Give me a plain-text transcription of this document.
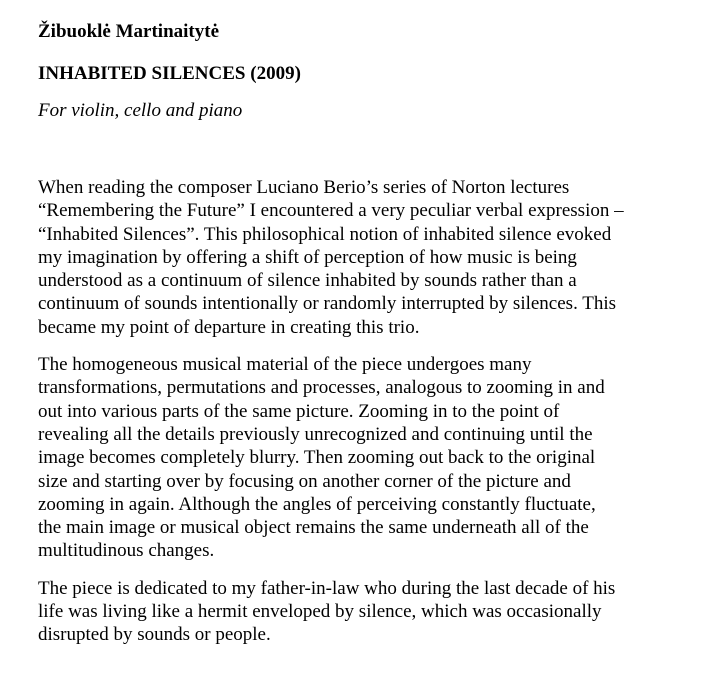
Žibuoklė Martinaitytė

INHABITED SILENCES (2009)

For violin, cello and piano

When reading the composer Luciano Berio’s series of Norton lectures
“Remembering the Future” I encountered a very peculiar verbal expression –
“Inhabited Silences”. This philosophical notion of inhabited silence evoked
my imagination by offering a shift of perception of how music is being
understood as a continuum of silence inhabited by sounds rather than a
continuum of sounds intentionally or randomly interrupted by silences. This
became my point of departure in creating this trio.

The homogeneous musical material of the piece undergoes many
transformations, permutations and processes, analogous to zooming in and
out into various parts of the same picture. Zooming in to the point of
revealing all the details previously unrecognized and continuing until the
image becomes completely blurry. Then zooming out back to the original
size and starting over by focusing on another corner of the picture and
zooming in again. Although the angles of perceiving constantly fluctuate,
the main image or musical object remains the same underneath all of the
multitudinous changes.

The piece is dedicated to my father-in-law who during the last decade of his
life was living like a hermit enveloped by silence, which was occasionally
disrupted by sounds or people.
